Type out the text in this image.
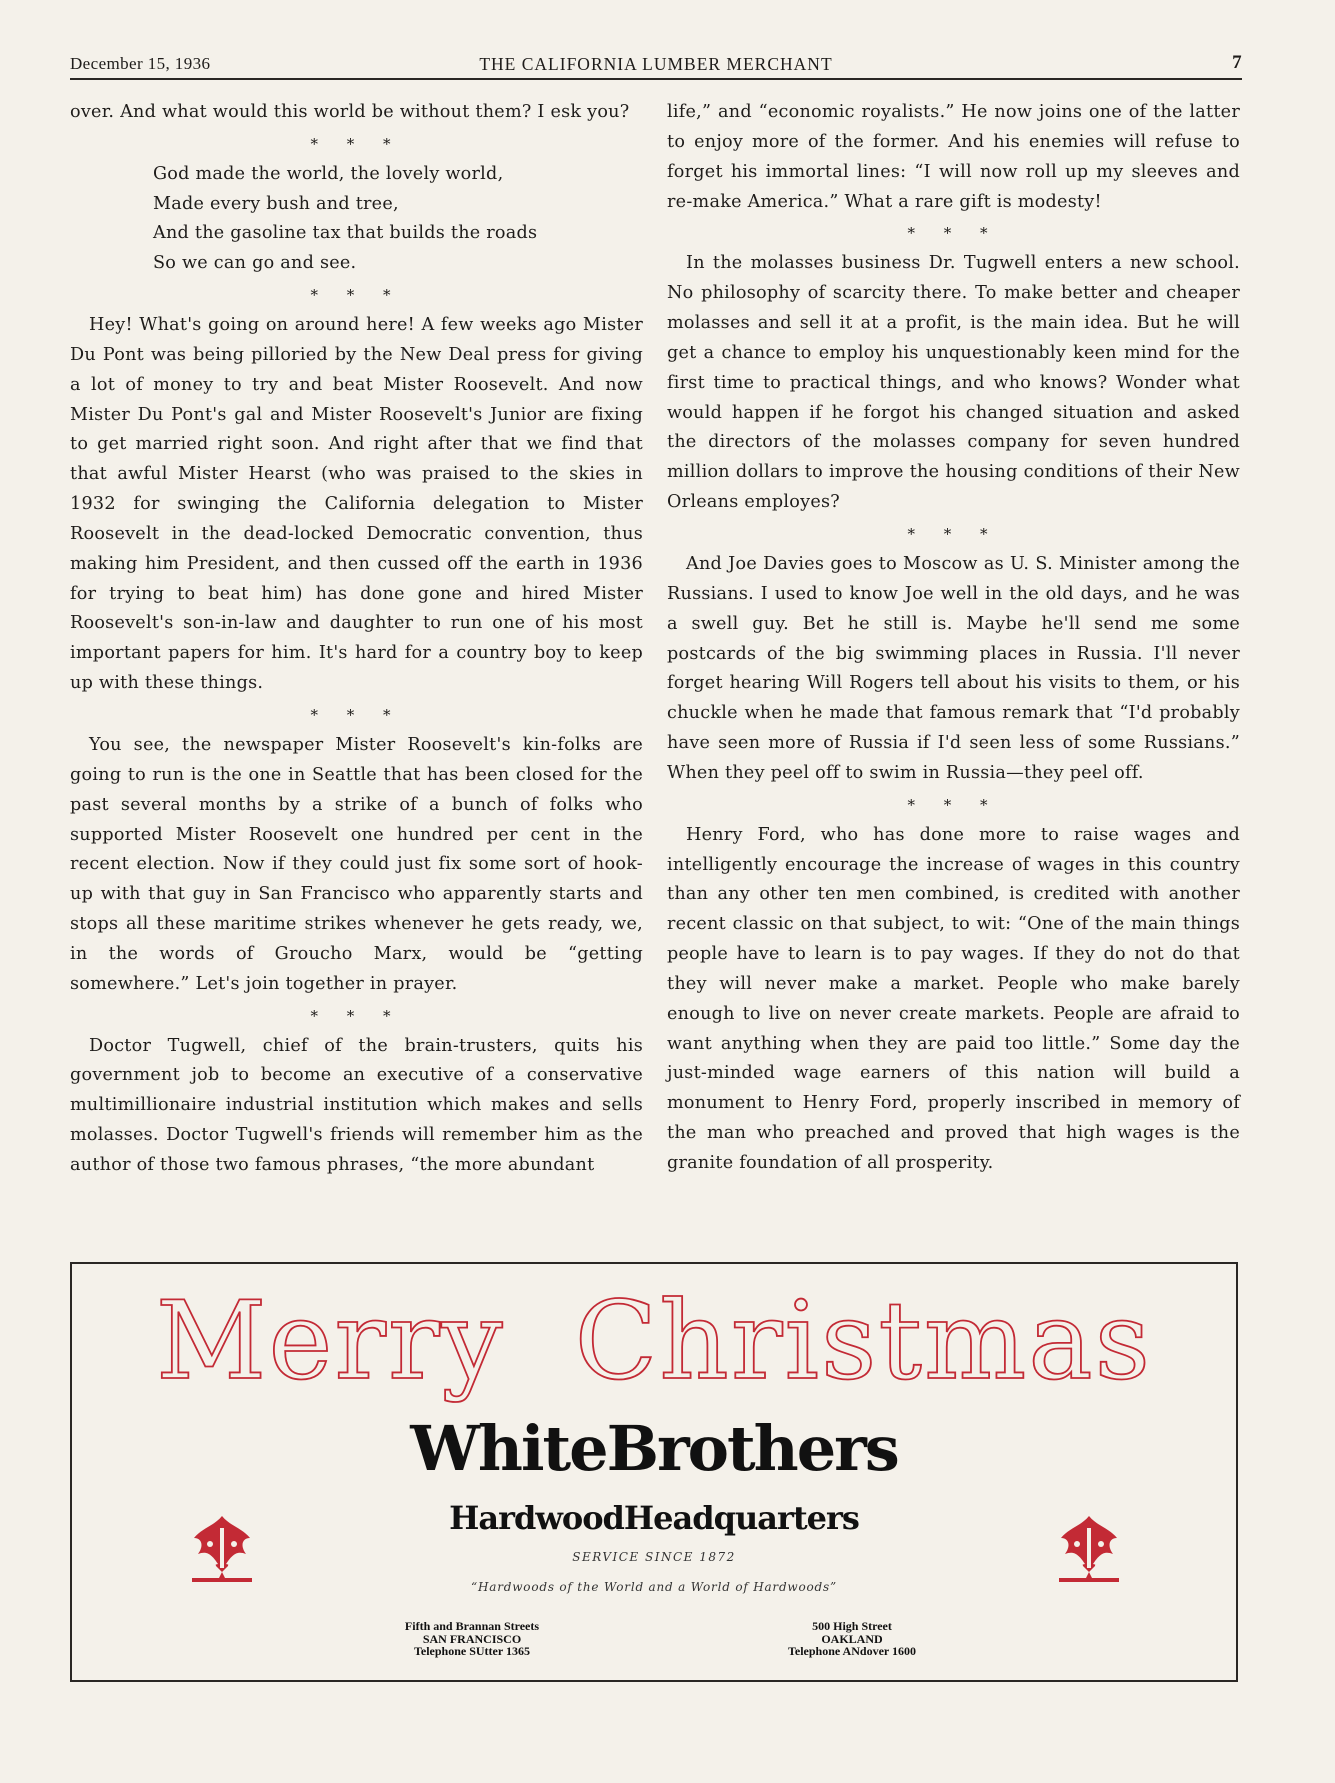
December 15, 1936	THE CALIFORNIA LUMBER MERCHANT	7

over. And what would this world be without them? I esk you?

* * *
God made the world, the lovely world,
Made every bush and tree,
And the gasoline tax that builds the roads
So we can go and see.
* * *

Hey! What's going on around here! A few weeks ago Mister Du Pont was being pilloried by the New Deal press for giving a lot of money to try and beat Mister Roosevelt. And now Mister Du Pont's gal and Mister Roosevelt's Junior are fixing to get married right soon. And right after that we find that that awful Mister Hearst (who was praised to the skies in 1932 for swinging the California delegation to Mister Roosevelt in the dead-locked Democratic convention, thus making him President, and then cussed off the earth in 1936 for trying to beat him) has done gone and hired Mister Roosevelt's son-in-law and daughter to run one of his most important papers for him. It's hard for a country boy to keep up with these things.

* * *

You see, the newspaper Mister Roosevelt's kin-folks are going to run is the one in Seattle that has been closed for the past several months by a strike of a bunch of folks who supported Mister Roosevelt one hundred per cent in the recent election. Now if they could just fix some sort of hook-up with that guy in San Francisco who apparently starts and stops all these maritime strikes whenever he gets ready, we, in the words of Groucho Marx, would be “getting somewhere.” Let's join together in prayer.

* * *

Doctor Tugwell, chief of the brain-trusters, quits his government job to become an executive of a conservative multimillionaire industrial institution which makes and sells molasses. Doctor Tugwell's friends will remember him as the author of those two famous phrases, “the more abundant

life,” and “economic royalists.” He now joins one of the latter to enjoy more of the former. And his enemies will refuse to forget his immortal lines: “I will now roll up my sleeves and re-make America.” What a rare gift is modesty!

* * *

In the molasses business Dr. Tugwell enters a new school. No philosophy of scarcity there. To make better and cheaper molasses and sell it at a profit, is the main idea. But he will get a chance to employ his unquestionably keen mind for the first time to practical things, and who knows? Wonder what would happen if he forgot his changed situation and asked the directors of the molasses company for seven hundred million dollars to improve the housing conditions of their New Orleans employes?

* * *

And Joe Davies goes to Moscow as U. S. Minister among the Russians. I used to know Joe well in the old days, and he was a swell guy. Bet he still is. Maybe he'll send me some postcards of the big swimming places in Russia. I'll never forget hearing Will Rogers tell about his visits to them, or his chuckle when he made that famous remark that “I'd probably have seen more of Russia if I'd seen less of some Russians.” When they peel off to swim in Russia—they peel off.

* * *

Henry Ford, who has done more to raise wages and intelligently encourage the increase of wages in this country than any other ten men combined, is credited with another recent classic on that subject, to wit: “One of the main things people have to learn is to pay wages. If they do not do that they will never make a market. People who make barely enough to live on never create markets. People are afraid to want anything when they are paid too little.” Some day the just-minded wage earners of this nation will build a monument to Henry Ford, properly inscribed in memory of the man who preached and proved that high wages is the granite foundation of all prosperity.

Merry Christmas
WhiteBrothers
HardwoodHeadquarters
SERVICE SINCE 1872
“Hardwoods of the World and a World of Hardwoods”
Fifth and Brannan Streets
SAN FRANCISCO
Telephone SUtter 1365
500 High Street
OAKLAND
Telephone ANdover 1600
